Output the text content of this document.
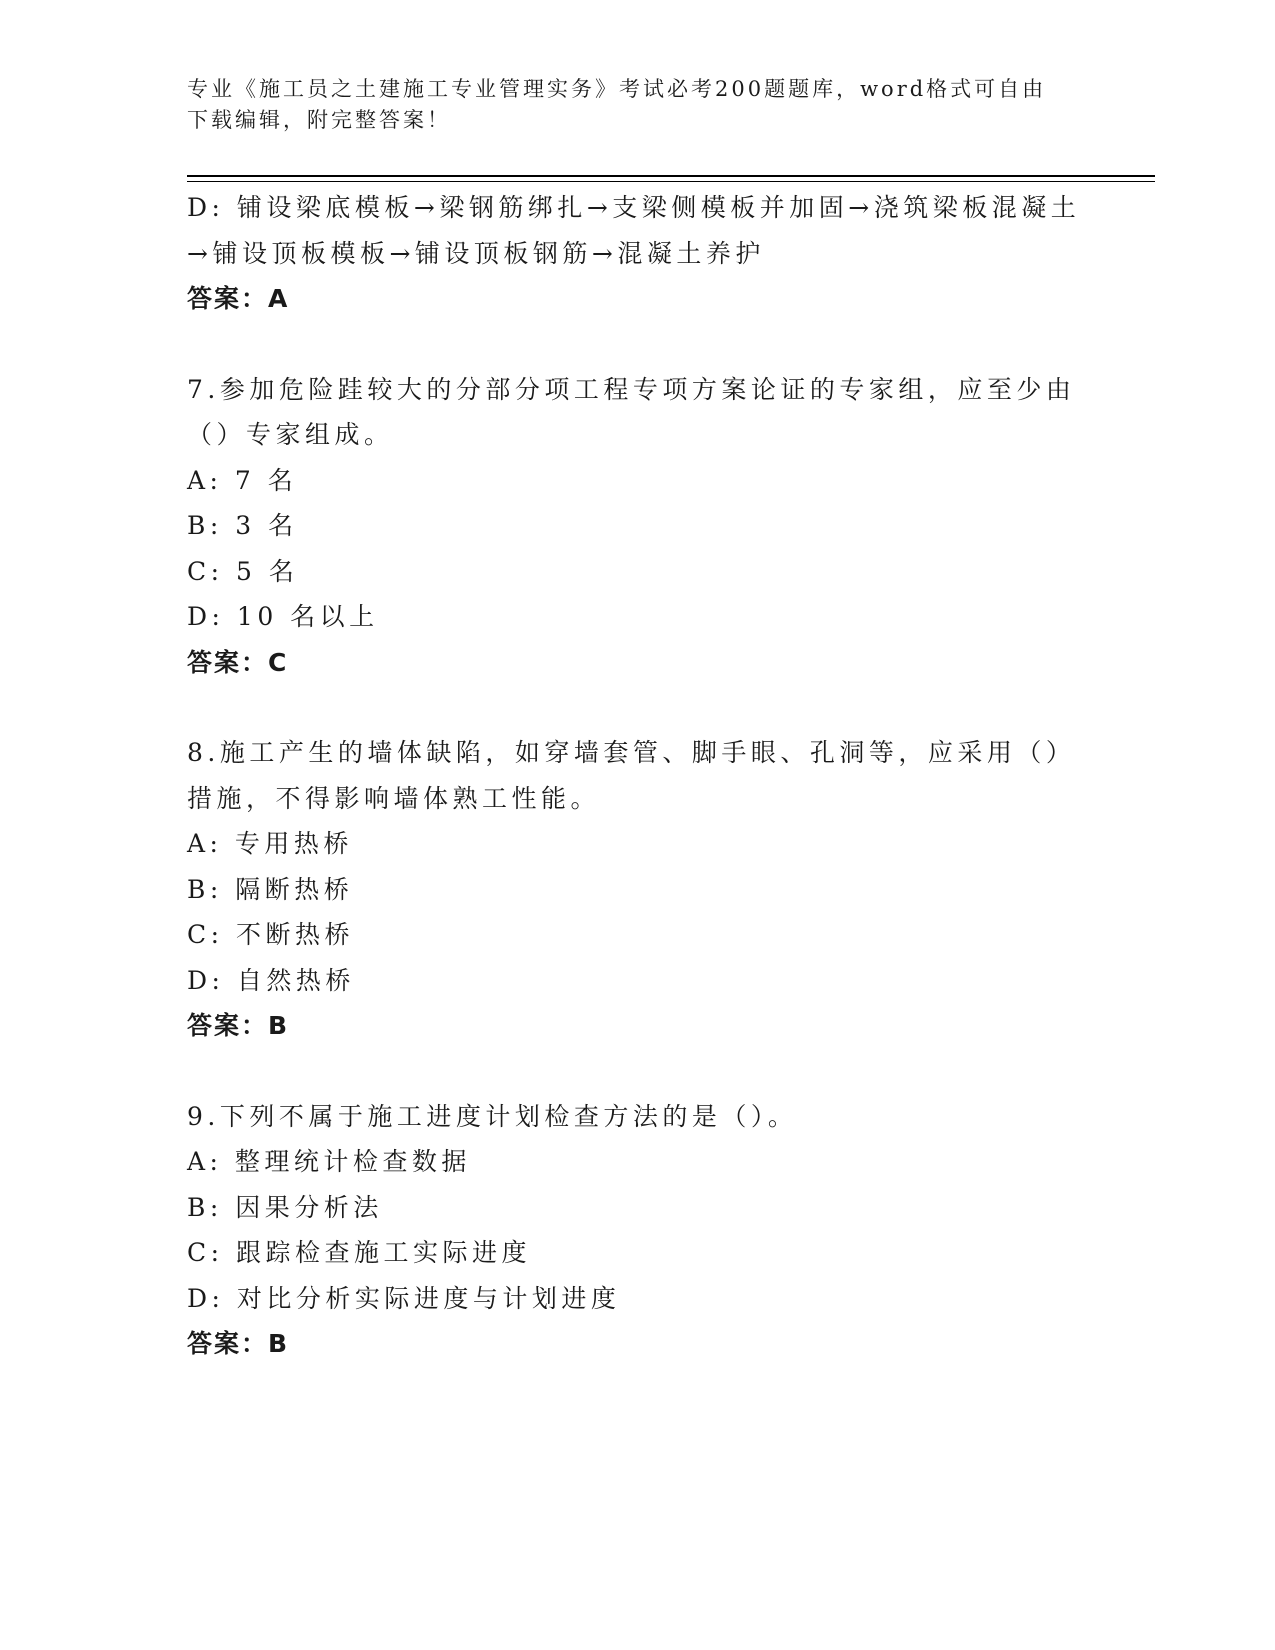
专业《施工员之土建施工专业管理实务》考试必考200题题库，word格式可自由下载编辑，附完整答案！
D: 铺设梁底模板→梁钢筋绑扎→支梁侧模板并加固→浇筑梁板混凝土
→铺设顶板模板→铺设顶板钢筋→混凝土养护
答案：A
7.参加危险跬较大的分部分项工程专项方案论证的专家组，应至少由
（）专家组成。
A: 7 名
B: 3 名
C: 5 名
D: 10 名以上
答案：C
8.施工产生的墙体缺陷，如穿墙套管、脚手眼、孔洞等，应采用（）
措施，不得影响墙体熟工性能。
A: 专用热桥
B: 隔断热桥
C: 不断热桥
D: 自然热桥
答案：B
9.下列不属于施工进度计划检查方法的是（）。
A: 整理统计检查数据
B: 因果分析法
C: 跟踪检查施工实际进度
D: 对比分析实际进度与计划进度
答案：B
